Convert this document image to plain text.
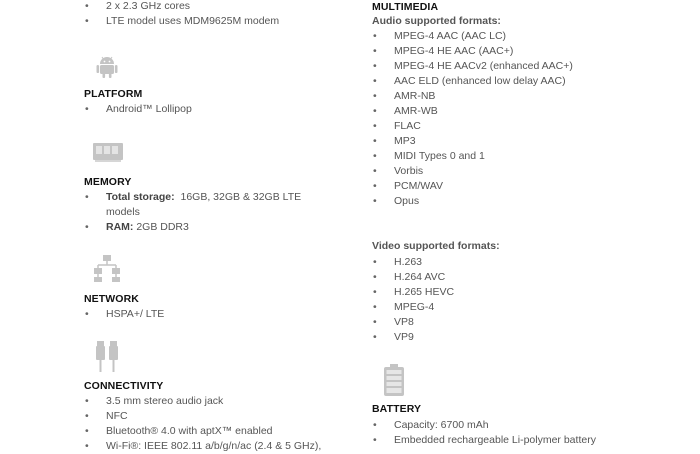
• 2 x 2.3 GHz cores
• LTE model uses MDM9625M modem
PLATFORM
• Android™ Lollipop
MEMORY
• Total storage: 16GB, 32GB & 32GB LTE models
• RAM: 2GB DDR3
NETWORK
• HSPA+/ LTE
CONNECTIVITY
• 3.5 mm stereo audio jack
• NFC
• Bluetooth® 4.0 with aptX™ enabled
• Wi-Fi®: IEEE 802.11 a/b/g/n/ac (2.4 & 5 GHz),
MULTIMEDIA
Audio supported formats:
• MPEG-4 AAC (AAC LC)
• MPEG-4 HE AAC (AAC+)
• MPEG-4 HE AACv2 (enhanced AAC+)
• AAC ELD (enhanced low delay AAC)
• AMR-NB
• AMR-WB
• FLAC
• MP3
• MIDI Types 0 and 1
• Vorbis
• PCM/WAV
• Opus
Video supported formats:
• H.263
• H.264 AVC
• H.265 HEVC
• MPEG-4
• VP8
• VP9
BATTERY
• Capacity: 6700 mAh
• Embedded rechargeable Li-polymer battery
